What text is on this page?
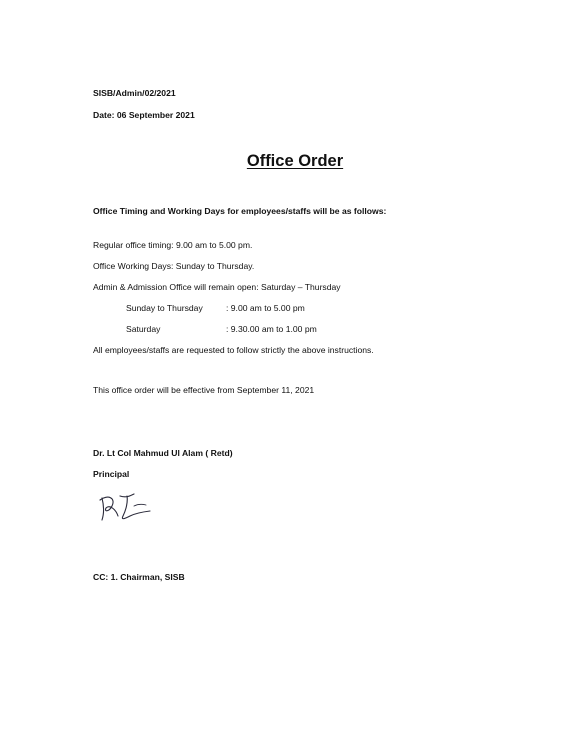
SISB/Admin/02/2021
Date: 06 September 2021
Office Order
Office Timing and Working Days for employees/staffs will be as follows:
Regular office timing: 9.00 am to 5.00 pm.
Office Working Days: Sunday to Thursday.
Admin & Admission Office will remain open: Saturday – Thursday
Sunday to Thursday	: 9.00 am to 5.00 pm
Saturday	: 9.30.00 am to 1.00 pm
All employees/staffs are requested to follow strictly the above instructions.
This office order will be effective from September 11, 2021
Dr. Lt Col Mahmud Ul Alam ( Retd)
Principal
CC: 1. Chairman, SISB
